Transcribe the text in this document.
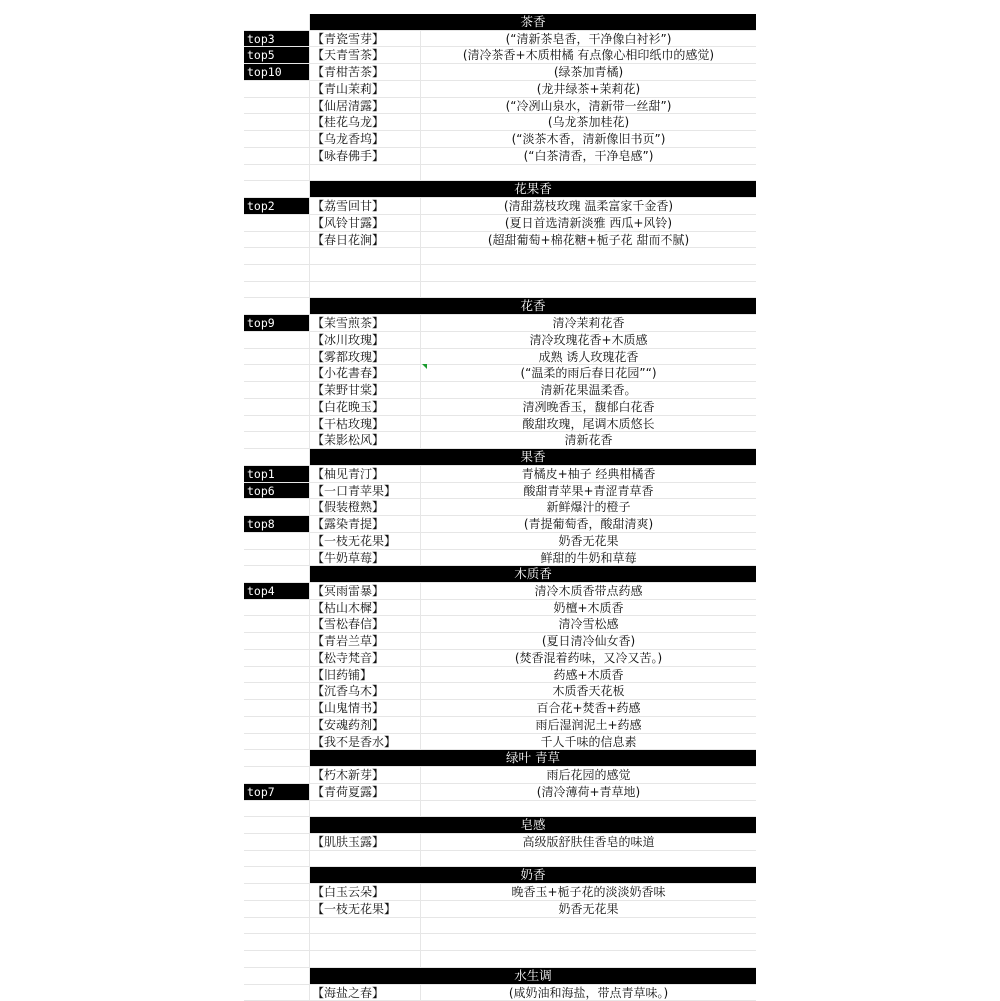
茶香
top3	【青瓷雪芽】	(“清新茶皂香，干净像白衬衫”)
top5	【天青雪茶】	(清冷茶香+木质柑橘 有点像心相印纸巾的感觉)
top10	【青柑苦茶】	(绿茶加青橘)
【青山茉莉】	(龙井绿茶+茉莉花)
【仙居清露】	(“冷冽山泉水，清新带一丝甜”)
【桂花乌龙】	(乌龙茶加桂花)
【乌龙香坞】	(“淡茶木香，清新像旧书页”)
【咏春佛手】	(“白茶清香，干净皂感”)
花果香
top2	【荔雪回甘】	(清甜荔枝玫瑰 温柔富家千金香)
【风铃甘露】	(夏日首选清新淡雅 西瓜+风铃)
【春日花涧】	(超甜葡萄+棉花糖+栀子花 甜而不腻)
花香
top9	【茉雪煎茶】	清冷茉莉花香
【冰川玫瑰】	清冷玫瑰花香+木质感
【雾都玫瑰】	成熟 诱人玫瑰花香
【小花書春】	(“温柔的雨后春日花园”“)
【茉野甘棠】	清新花果温柔香。
【白花晚玉】	清冽晚香玉，馥郁白花香
【干枯玫瑰】	酸甜玫瑰，尾调木质悠长
【茉影松风】	清新花香
果香
top1	【柚见青汀】	青橘皮+柚子 经典柑橘香
top6	【一口青苹果】	酸甜青苹果+青涩青草香
【假装橙熟】	新鲜爆汁的橙子
top8	【露染青提】	(青提葡萄香，酸甜清爽)
【一枝无花果】	奶香无花果
【牛奶草莓】	鲜甜的牛奶和草莓
木质香
top4	【冥雨雷暴】	清冷木质香带点药感
【枯山木樨】	奶檀+木质香
【雪松春信】	清冷雪松感
【青岩兰草】	(夏日清冷仙女香)
【松寺梵音】	(焚香混着药味，又冷又苦。)
【旧药铺】	药感+木质香
【沉香乌木】	木质香天花板
【山鬼情书】	百合花+焚香+药感
【安魂药剂】	雨后湿润泥土+药感
【我不是香水】	千人千味的信息素
绿叶 青草
【朽木新芽】	雨后花园的感觉
top7	【青荷夏露】	(清冷薄荷+青草地)
皂感
【肌肤玉露】	高级版舒肤佳香皂的味道
奶香
【白玉云朵】	晚香玉+栀子花的淡淡奶香味
【一枝无花果】	奶香无花果
水生调
【海盐之春】	(咸奶油和海盐，带点青草味。)
